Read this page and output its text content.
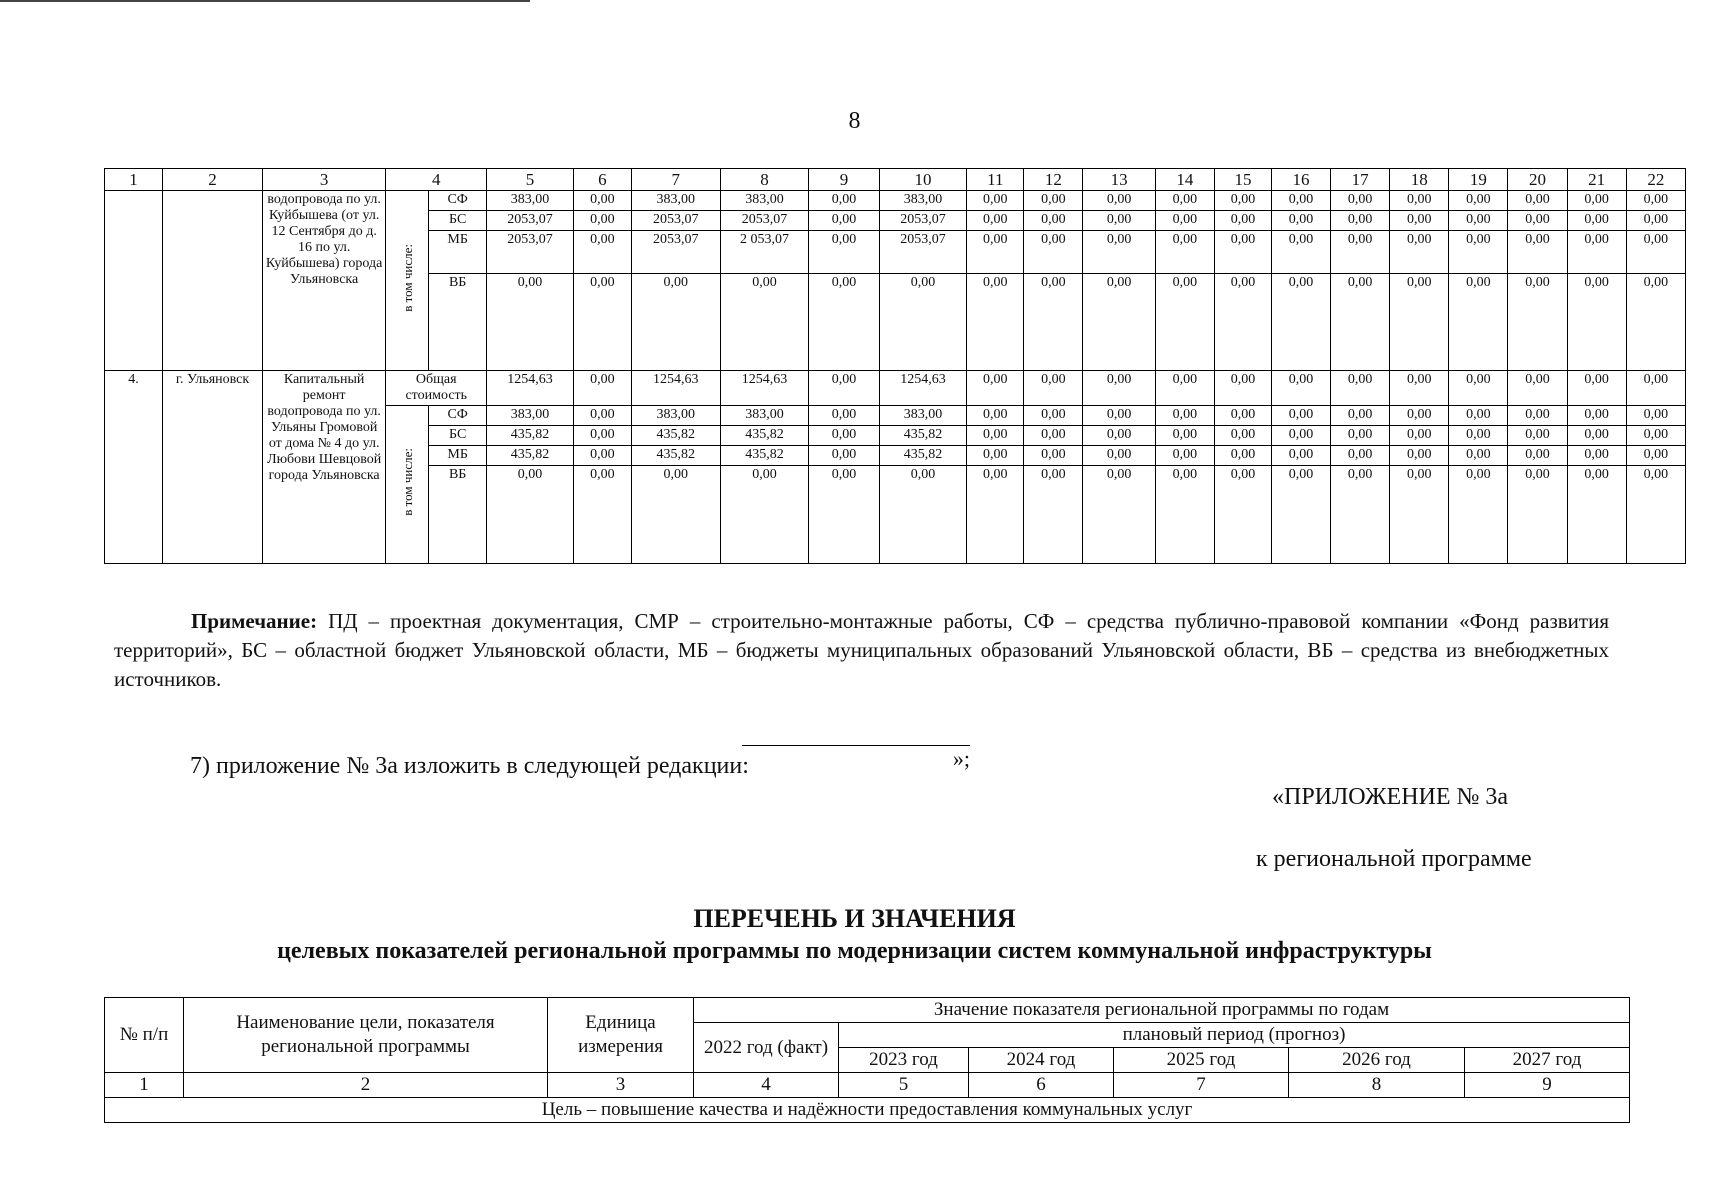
8
1	2	3	4		5	6	7	8	9	10	11	12	13	14	15	16	17	18	19	20	21	22
		водопровода по ул. Куйбышева (от ул. 12 Сентября до д. 16 по ул. Куйбышева) города Ульяновска	в том числе:	СФ	383,00	0,00	383,00	383,00	0,00	383,00	0,00	0,00	0,00	0,00	0,00	0,00	0,00	0,00	0,00	0,00	0,00	0,00
				БС	2053,07	0,00	2053,07	2053,07	0,00	2053,07	0,00	0,00	0,00	0,00	0,00	0,00	0,00	0,00	0,00	0,00	0,00	0,00
				МБ	2053,07	0,00	2053,07	2 053,07	0,00	2053,07	0,00	0,00	0,00	0,00	0,00	0,00	0,00	0,00	0,00	0,00	0,00	0,00
				ВБ	0,00	0,00	0,00	0,00	0,00	0,00	0,00	0,00	0,00	0,00	0,00	0,00	0,00	0,00	0,00	0,00	0,00	0,00
4.	г. Ульяновск	Капитальный ремонт водопровода по ул. Ульяны Громовой от дома № 4 до ул. Любови Шевцовой города Ульяновска	Общая стоимость		1254,63	0,00	1254,63	1254,63	0,00	1254,63	0,00	0,00	0,00	0,00	0,00	0,00	0,00	0,00	0,00	0,00	0,00	0,00
			в том числе:	СФ	383,00	0,00	383,00	383,00	0,00	383,00	0,00	0,00	0,00	0,00	0,00	0,00	0,00	0,00	0,00	0,00	0,00	0,00
				БС	435,82	0,00	435,82	435,82	0,00	435,82	0,00	0,00	0,00	0,00	0,00	0,00	0,00	0,00	0,00	0,00	0,00	0,00
				МБ	435,82	0,00	435,82	435,82	0,00	435,82	0,00	0,00	0,00	0,00	0,00	0,00	0,00	0,00	0,00	0,00	0,00	0,00
				ВБ	0,00	0,00	0,00	0,00	0,00	0,00	0,00	0,00	0,00	0,00	0,00	0,00	0,00	0,00	0,00	0,00	0,00	0,00
Примечание: ПД – проектная документация, СМР – строительно-монтажные работы, СФ – средства публично-правовой компании «Фонд развития территорий», БС – областной бюджет Ульяновской области, МБ – бюджеты муниципальных образований Ульяновской области, ВБ – средства из внебюджетных источников.
»;
7) приложение № 3а изложить в следующей редакции:
«ПРИЛОЖЕНИЕ № 3а
к региональной программе
ПЕРЕЧЕНЬ И ЗНАЧЕНИЯ
целевых показателей региональной программы по модернизации систем коммунальной инфраструктуры
№ п/п	Наименование цели, показателя региональной программы	Единица измерения	Значение показателя региональной программы по годам					
			2022 год (факт)	плановый период (прогноз)				
				2023 год	2024 год	2025 год	2026 год	2027 год
1	2	3	4	5	6	7	8	9
Цель – повышение качества и надёжности предоставления коммунальных услуг								
